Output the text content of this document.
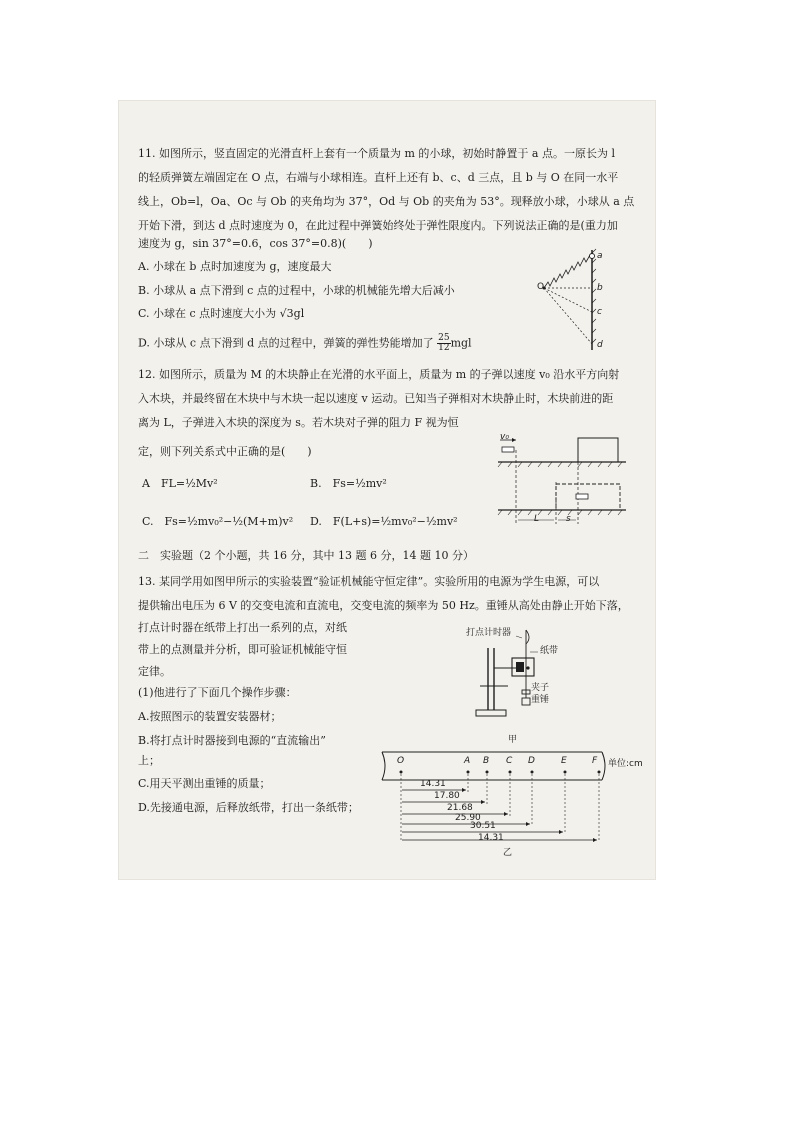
11. 如图所示，竖直固定的光滑直杆上套有一个质量为 m 的小球，初始时静置于 a 点。一原长为 l
的轻质弹簧左端固定在 O 点，右端与小球相连。直杆上还有 b、c、d 三点，且 b 与 O 在同一水平
线上，Ob=l，Oa、Oc 与 Ob 的夹角均为 37°，Od 与 Ob 的夹角为 53°。现释放小球，小球从 a 点
开始下滑，到达 d 点时速度为 0，在此过程中弹簧始终处于弹性限度内。下列说法正确的是(重力加
速度为 g，sin 37°=0.6，cos 37°=0.8)(　　)
A. 小球在 b 点时加速度为 g，速度最大
B. 小球从 a 点下滑到 c 点的过程中，小球的机械能先增大后减小
C. 小球在 c 点时速度大小为 √3gl
D. 小球从 c 点下滑到 d 点的过程中，弹簧的弹性势能增加了 $\frac{25}{12}$ mgl
O
a
b
c
d
12. 如图所示，质量为 M 的木块静止在光滑的水平面上，质量为 m 的子弹以速度 v₀ 沿水平方向射
入木块，并最终留在木块中与木块一起以速度 v 运动。已知当子弹相对木块静止时，木块前进的距
离为 L，子弹进入木块的深度为 s。若木块对子弹的阻力 F 视为恒
定，则下列关系式中正确的是(　　)
A　FL=½Mv²	B.　Fs=½mv²
C.　Fs=½mv₀²−½(M+m)v² D.　F(L+s)=½mv₀²−½mv²
v₀
L	s
二　实验题（2 个小题，共 16 分，其中 13 题 6 分，14 题 10 分）
13. 某同学用如图甲所示的实验装置“验证机械能守恒定律”。实验所用的电源为学生电源，可以
提供输出电压为 6 V 的交变电流和直流电，交变电流的频率为 50 Hz。重锤从高处由静止开始下落，
打点计时器在纸带上打出一系列的点，对纸
带上的点测量并分析，即可验证机械能守恒
定律。
(1)他进行了下面几个操作步骤：
A.按照图示的装置安装器材；
B.将打点计时器接到电源的“直流输出”
上；
C.用天平测出重锤的质量；
D.先接通电源，后释放纸带，打出一条纸带；
打点计时器
纸带
夹子
重锤
甲
O	A B C D	E	F 单位:cm
14.31
17.80
21.68
25.90
30.51
14.31
乙
